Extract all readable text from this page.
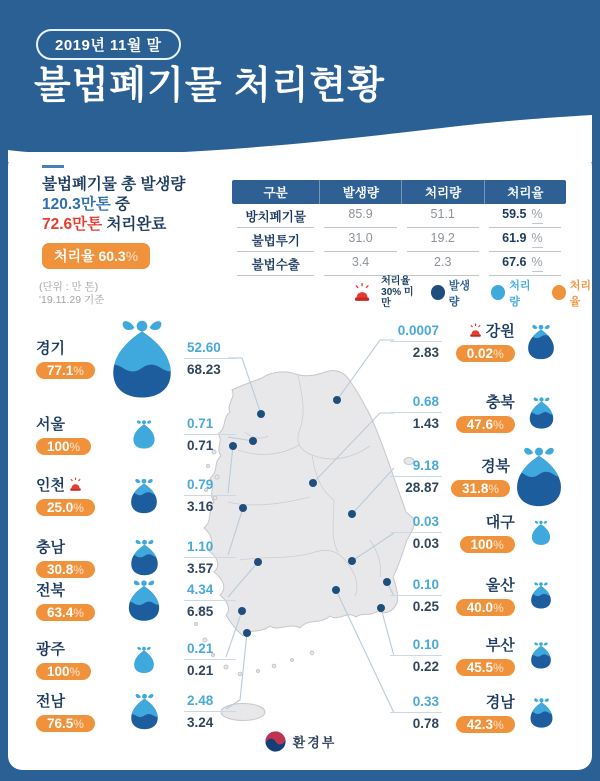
2019년 11월 말
불법폐기물 처리현황
불법폐기물 총 발생량
120.3만톤 중
72.6만톤 처리완료
처리율 60.3%
구분	발생량	처리량	처리율
방치폐기물	85.9	51.1	59.5 %
불법투기	31.0	19.2	61.9 %
불법수출	3.4	2.3	67.6 %
(단위 : 만 톤)
'19.11.29 기준
처리율
30% 미만
발생량
처리량
처리율
경기
77.1%
52.60
68.23
서울
100%
0.71
0.71
인천
25.0%
0.79
3.16
충남
30.8%
1.10
3.57
전북
63.4%
4.34
6.85
광주
100%
0.21
0.21
전남
76.5%
2.48
3.24
강원
0.02%
0.0007
2.83
충북
47.6%
0.68
1.43
경북
31.8%
9.18
28.87
대구
100%
0.03
0.03
울산
40.0%
0.10
0.25
부산
45.5%
0.10
0.22
경남
42.3%
0.33
0.78
환경부
